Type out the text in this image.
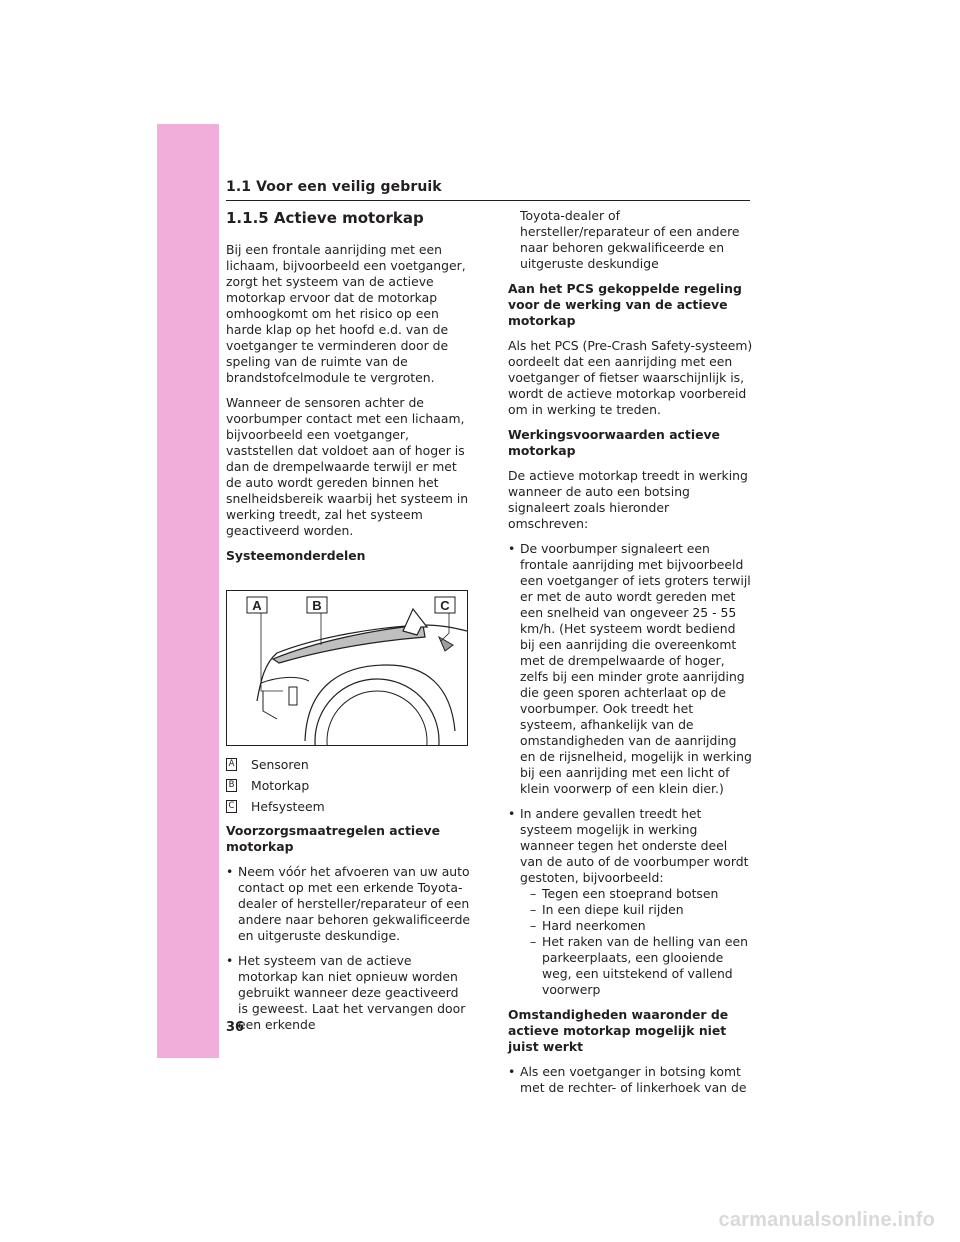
1.1 Voor een veilig gebruik
1.1.5 Actieve motorkap

Bij een frontale aanrijding met een lichaam, bijvoorbeeld een voetganger, zorgt het systeem van de actieve motorkap ervoor dat de motorkap omhoogkomt om het risico op een harde klap op het hoofd e.d. van de voetganger te verminderen door de speling van de ruimte van de brandstofcelmodule te vergroten.

Wanneer de sensoren achter de voorbumper contact met een lichaam, bijvoorbeeld een voetganger, vaststellen dat voldoet aan of hoger is dan de drempelwaarde terwijl er met de auto wordt gereden binnen het snelheidsbereik waarbij het systeem in werking treedt, zal het systeem geactiveerd worden.

Systeemonderdelen
A	B	C
A Sensoren
B Motorkap
C Hefsysteem
Voorzorgsmaatregelen actieve motorkap
• Neem vóór het afvoeren van uw auto contact op met een erkende Toyota-dealer of hersteller/reparateur of een andere naar behoren gekwalificeerde en uitgeruste deskundige.
• Het systeem van de actieve motorkap kan niet opnieuw worden gebruikt wanneer deze geactiveerd is geweest. Laat het vervangen door een erkende
Toyota-dealer of hersteller/reparateur of een andere naar behoren gekwalificeerde en uitgeruste deskundige
Aan het PCS gekoppelde regeling voor de werking van de actieve motorkap

Als het PCS (Pre-Crash Safety-systeem) oordeelt dat een aanrijding met een voetganger of fietser waarschijnlijk is, wordt de actieve motorkap voorbereid om in werking te treden.

Werkingsvoorwaarden actieve motorkap

De actieve motorkap treedt in werking wanneer de auto een botsing signaleert zoals hieronder omschreven:

• De voorbumper signaleert een frontale aanrijding met bijvoorbeeld een voetganger of iets groters terwijl er met de auto wordt gereden met een snelheid van ongeveer 25 - 55 km/h. (Het systeem wordt bediend bij een aanrijding die overeenkomt met de drempelwaarde of hoger, zelfs bij een minder grote aanrijding die geen sporen achterlaat op de voorbumper. Ook treedt het systeem, afhankelijk van de omstandigheden van de aanrijding en de rijsnelheid, mogelijk in werking bij een aanrijding met een licht of klein voorwerp of een klein dier.)
• In andere gevallen treedt het systeem mogelijk in werking wanneer tegen het onderste deel van de auto of de voorbumper wordt gestoten, bijvoorbeeld:
– Tegen een stoeprand botsen
– In een diepe kuil rijden
– Hard neerkomen
– Het raken van de helling van een parkeerplaats, een glooiende weg, een uitstekend of vallend voorwerp
Omstandigheden waaronder de actieve motorkap mogelijk niet juist werkt
• Als een voetganger in botsing komt met de rechter- of linkerhoek van de
36
carmanualsonline.info
